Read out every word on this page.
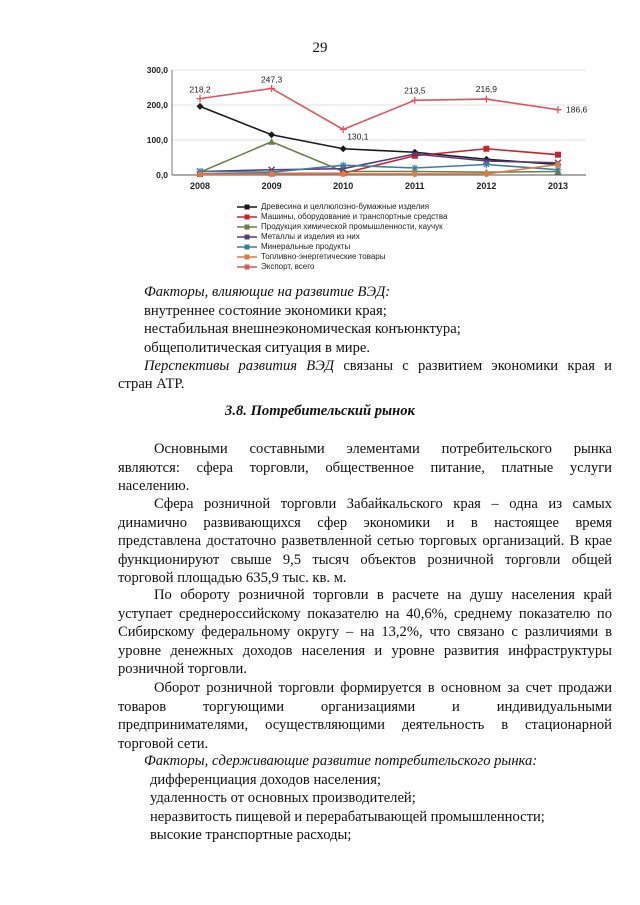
29
0,0
100,0
200,0
300,0
2008	2009	2010	2011	2012	2013
218,2
247,3
130,1
213,5	216,9
186,6
Древесина и целлюлозно-бумажные изделия
Машины, оборудование и транспортные средства
Продукция химической промышленности, каучук
Металлы и изделия из них
Минеральные продукты
Топливно-энергетические товары
Экспорт, всего
Факторы, влияющие на развитие ВЭД:
внутреннее состояние экономики края;
нестабильная внешнеэкономическая конъюнктура;
общеполитическая ситуация в мире.
Перспективы развития ВЭД связаны с развитием экономики края и
стран АТР.
3.8. Потребительский рынок
Основными составными элементами потребительского рынка
являются: сфера торговли, общественное питание, платные услуги
населению.
Сфера розничной торговли Забайкальского края – одна из самых
динамично развивающихся сфер экономики и в настоящее время
представлена достаточно разветвленной сетью торговых организаций. В крае
функционируют свыше 9,5 тысяч объектов розничной торговли общей
торговой площадью 635,9 тыс. кв. м.
По обороту розничной торговли в расчете на душу населения край
уступает среднероссийскому показателю на 40,6%, среднему показателю по
Сибирскому федеральному округу – на 13,2%, что связано с различиями в
уровне денежных доходов населения и уровне развития инфраструктуры
розничной торговли.
Оборот розничной торговли формируется в основном за счет продажи
товаров торгующими организациями и индивидуальными
предпринимателями, осуществляющими деятельность в стационарной
торговой сети.
Факторы, сдерживающие развитие потребительского рынка:
дифференциация доходов населения;
удаленность от основных производителей;
неразвитость пищевой и перерабатывающей промышленности;
высокие транспортные расходы;
